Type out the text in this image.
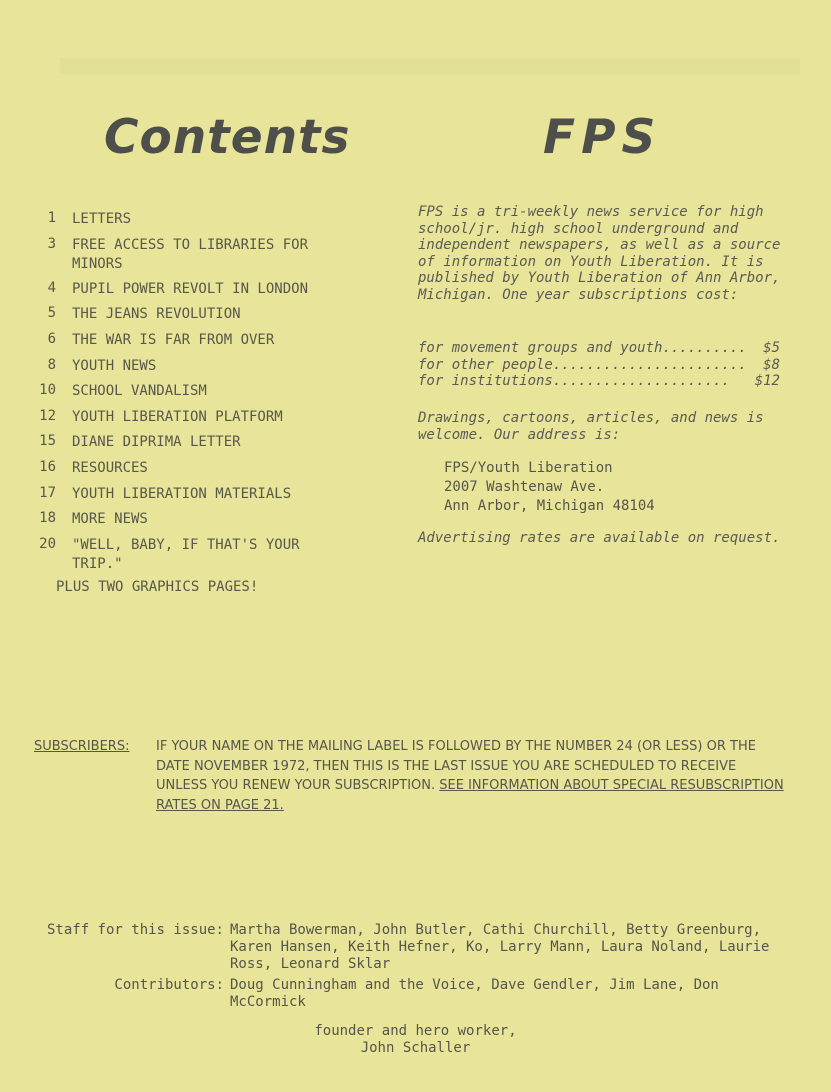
Contents	FPS
1 LETTERS
3 FREE ACCESS TO LIBRARIES FOR MINORS
4 PUPIL POWER REVOLT IN LONDON
5 THE JEANS REVOLUTION
6 THE WAR IS FAR FROM OVER
8 YOUTH NEWS
10 SCHOOL VANDALISM
12 YOUTH LIBERATION PLATFORM
15 DIANE DIPRIMA LETTER
16 RESOURCES
17 YOUTH LIBERATION MATERIALS
18 MORE NEWS
20 "WELL, BABY, IF THAT'S YOUR TRIP."
PLUS TWO GRAPHICS PAGES!
FPS is a tri-weekly news service for high school/jr. high school underground and independent newspapers, as well as a source of information on Youth Liberation. It is published by Youth Liberation of Ann Arbor, Michigan. One year subscriptions cost:
for movement groups and youth.......... $5
for other people....................... $8
for institutions..................... $12
Drawings, cartoons, articles, and news is welcome. Our address is:
FPS/Youth Liberation
2007 Washtenaw Ave.
Ann Arbor, Michigan 48104
Advertising rates are available on request.
SUBSCRIBERS: IF YOUR NAME ON THE MAILING LABEL IS FOLLOWED BY THE NUMBER 24 (OR LESS) OR THE DATE NOVEMBER 1972, THEN THIS IS THE LAST ISSUE YOU ARE SCHEDULED TO RECEIVE UNLESS YOU RENEW YOUR SUBSCRIPTION. SEE INFORMATION ABOUT SPECIAL RESUBSCRIPTION RATES ON PAGE 21.
Staff for this issue: Martha Bowerman, John Butler, Cathi Churchill, Betty Greenburg, Karen Hansen, Keith Hefner, Ko, Larry Mann, Laura Noland, Laurie Ross, Leonard Sklar
Contributors: Doug Cunningham and the Voice, Dave Gendler, Jim Lane, Don McCormick
founder and hero worker,
John Schaller
